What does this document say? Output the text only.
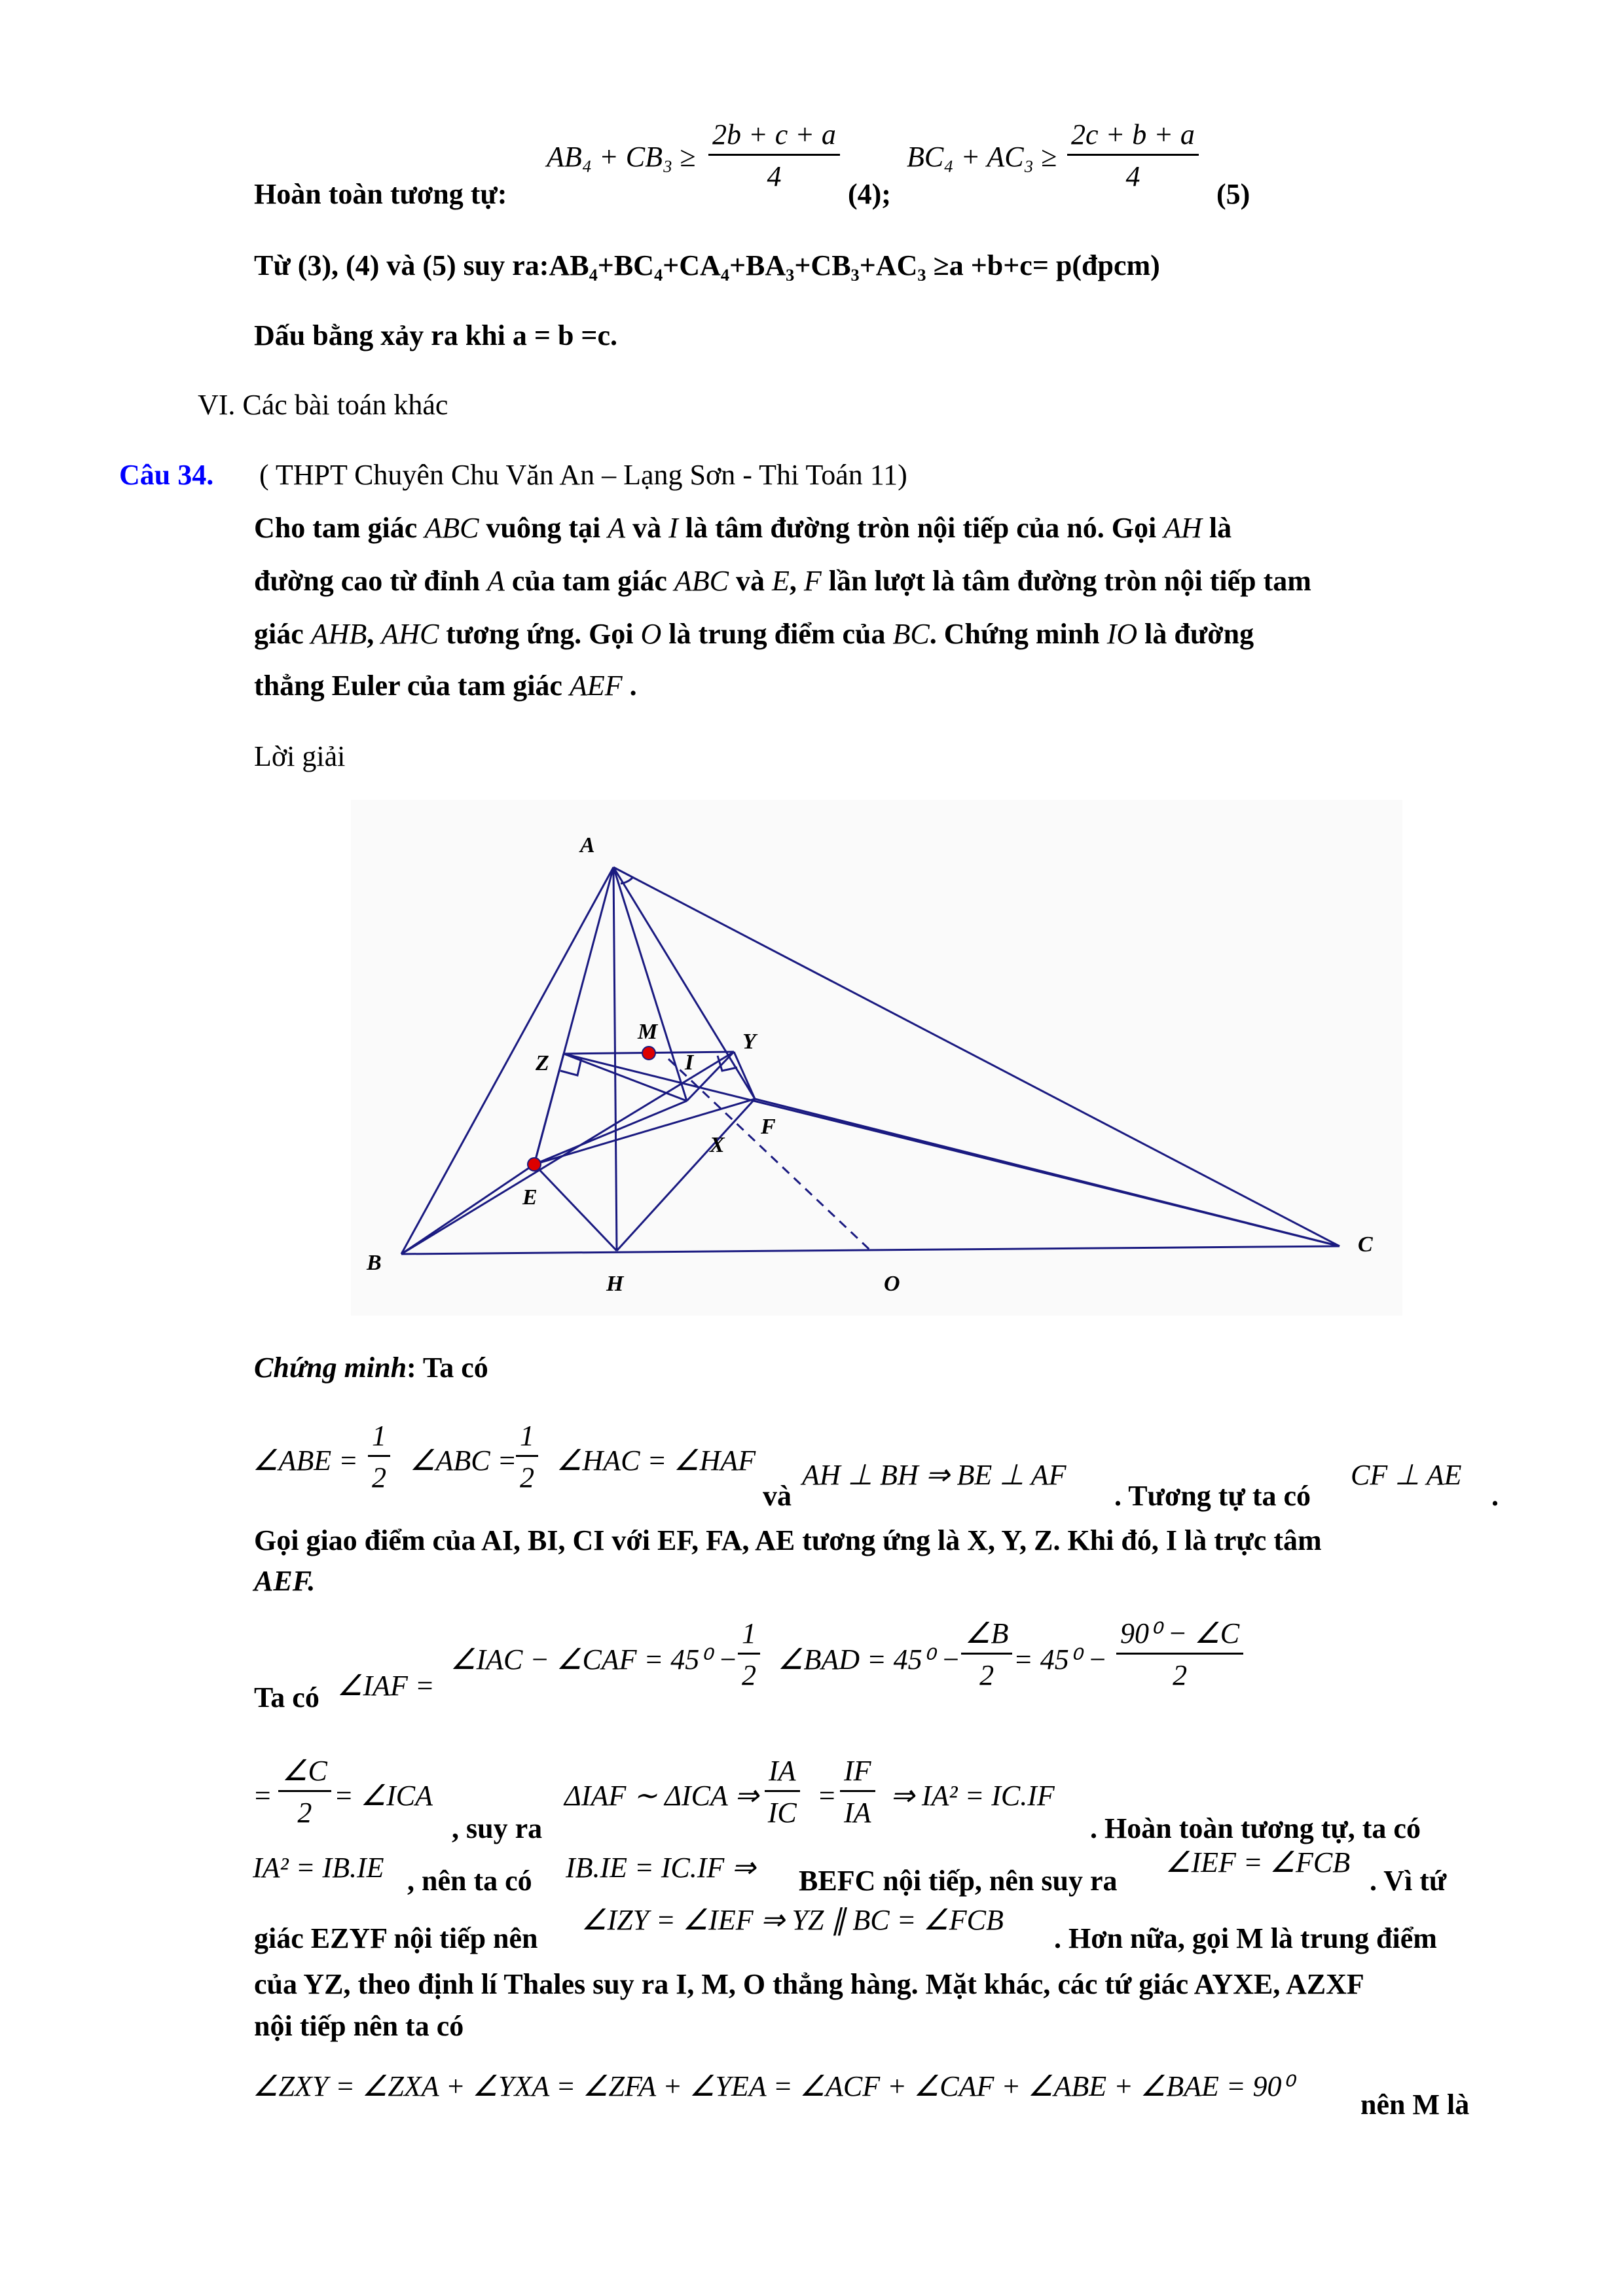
Hoàn toàn tương tự:
$AB_4 + CB_3 \ge \frac{2b + c + a}{4}$
(4);
$BC_4 + AC_3 \ge \frac{2c + b + a}{4}$
(5)
Từ (3), (4) và (5) suy ra:AB₄+BC₄+CA₄+BA₃+CB₃+AC₃ ≥a +b+c= p(đpcm)
Dấu bằng xảy ra khi a = b =c.
VI. Các bài toán khác
Câu 34. ( THPT Chuyên Chu Văn An – Lạng Sơn - Thi Toán 11)
Cho tam giác ABC vuông tại A và I là tâm đường tròn nội tiếp của nó. Gọi AH là
đường cao từ đỉnh A của tam giác ABC và E, F lần lượt là tâm đường tròn nội tiếp tam
giác AHB, AHC tương ứng. Gọi O là trung điểm của BC. Chứng minh IO là đường
thẳng Euler của tam giác AEF .
Lời giải
A
B
C
H	O
M	Y
Z	I
F
X
E
Chứng minh: Ta có
∠ABE = $\frac{1}{2}$ ∠ABC =
$\frac{1}{2}$ ∠HAC = ∠HAF
và
AH ⊥ BH ⇒ BE ⊥ AF
. Tương tự ta có
CF ⊥ AE
.
Gọi giao điểm của AI, BI, CI với EF, FA, AE tương ứng là X, Y, Z. Khi đó, I là trực tâm
AEF.
Ta có ∠IAF =
∠IAC − ∠CAF = $45^0 - \frac{1}{2}$ ∠BAD = $45^0 - \frac{\angle B}{2} = 45^0 - \frac{\text{90⁰ − ∠C}}{2}$
= $\frac{\angle C}{2}$ = ∠ICA
, suy ra
ΔIAF ∼ ΔICA ⇒ $\frac{IA}{IC} = \frac{IF}{IA}$ ⇒ IA² = IC.IF
. Hoàn toàn tương tự, ta có
IA² = IB.IE , nên ta có IB.IE = IC.IF ⇒ BEFC nội tiếp, nên suy ra
∠IEF = ∠FCB
. Vì tứ
giác EZYF nội tiếp nên
∠IZY = ∠IEF ⇒ YZ ∥ BC = ∠FCB
. Hơn nữa, gọi M là trung điểm
của YZ, theo định lí Thales suy ra I, M, O thẳng hàng. Mặt khác, các tứ giác AYXE, AZXF
nội tiếp nên ta có
∠ZXY = ∠ZXA + ∠YXA = ∠ZFA + ∠YEA = ∠ACF + ∠CAF + ∠ABE + ∠BAE = 90⁰
nên M là
